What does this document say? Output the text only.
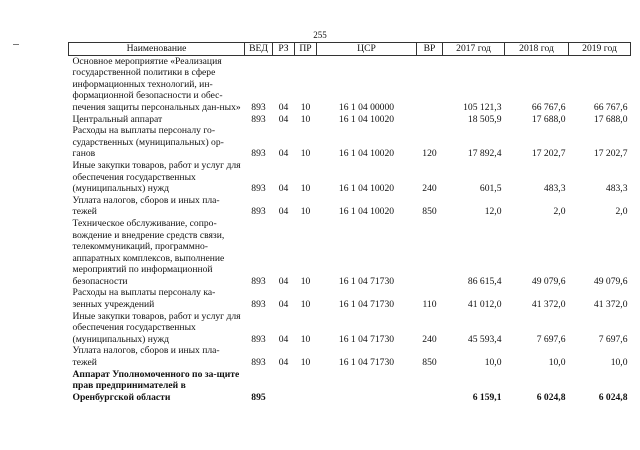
255
Наименование	ВЕД	РЗ	ПР	ЦСР	ВР	2017 год	2018 год	2019 год
Основное мероприятие «Реализация государственной политики в сфере информационных технологий, ин-формационной безопасности и обес-печения защиты персональных дан-ных»	893	04	10	16 1 04 00000		105 121,3	66 767,6	66 767,6
Центральный аппарат	893	04	10	16 1 04 10020		18 505,9	17 688,0	17 688,0
Расходы на выплаты персоналу го-сударственных (муниципальных) ор-ганов	893	04	10	16 1 04 10020	120	17 892,4	17 202,7	17 202,7
Иные закупки товаров, работ и услуг для обеспечения государственных (муниципальных) нужд	893	04	10	16 1 04 10020	240	601,5	483,3	483,3
Уплата налогов, сборов и иных пла-тежей	893	04	10	16 1 04 10020	850	12,0	2,0	2,0
Техническое обслуживание, сопро-вождение и внедрение средств связи, телекоммуникаций, программно-аппаратных комплексов, выполнение мероприятий по информационной безопасности	893	04	10	16 1 04 71730		86 615,4	49 079,6	49 079,6
Расходы на выплаты персоналу ка-зенных учреждений	893	04	10	16 1 04 71730	110	41 012,0	41 372,0	41 372,0
Иные закупки товаров, работ и услуг для обеспечения государственных (муниципальных) нужд	893	04	10	16 1 04 71730	240	45 593,4	7 697,6	7 697,6
Уплата налогов, сборов и иных пла-тежей	893	04	10	16 1 04 71730	850	10,0	10,0	10,0
Аппарат Уполномоченного по за-щите прав предпринимателей в Оренбургской области	895					6 159,1	6 024,8	6 024,8
